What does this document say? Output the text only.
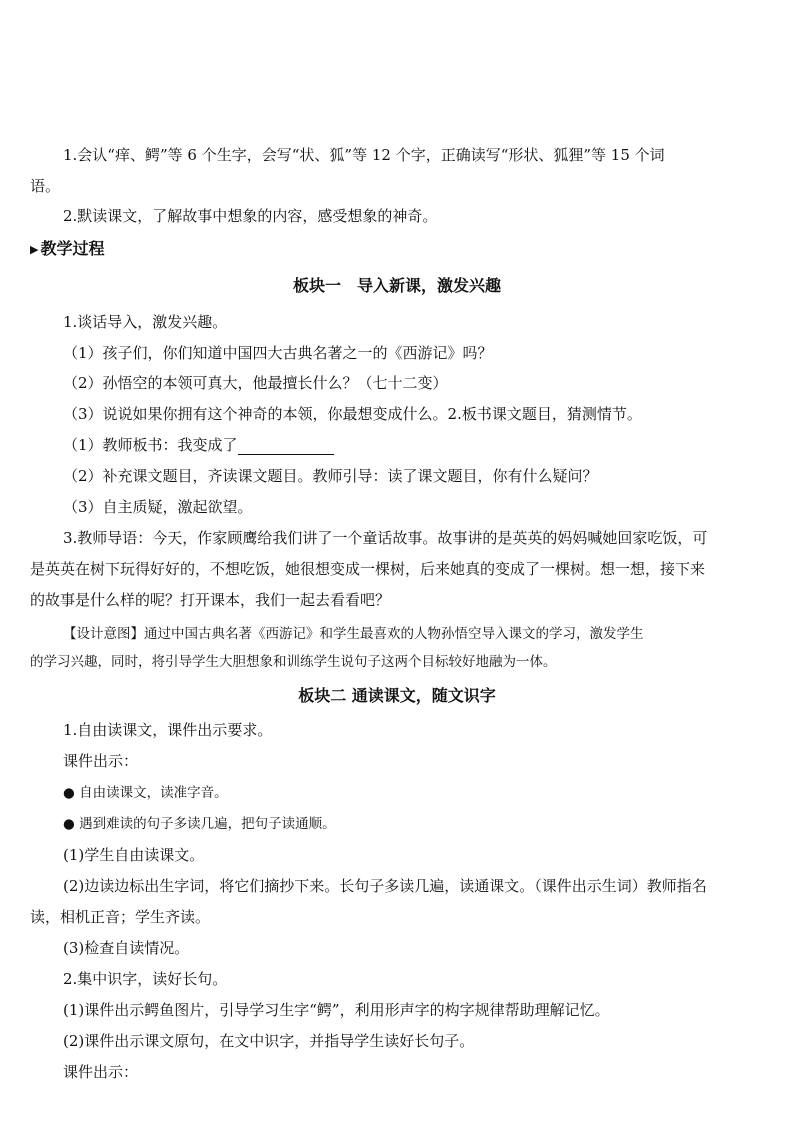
1.会认“痒、鳄”等 6 个生字，会写“状、狐”等 12 个字，正确读写“形状、狐狸”等 15 个词
语。
2.默读课文，了解故事中想象的内容，感受想象的神奇。
▶ 教学过程
板块一　导入新课，激发兴趣
1.谈话导入，激发兴趣。
（1）孩子们，你们知道中国四大古典名著之一的《西游记》吗？
（2）孙悟空的本领可真大，他最擅长什么？（七十二变）
（3）说说如果你拥有这个神奇的本领，你最想变成什么。2.板书课文题目，猜测情节。
（1）教师板书：我变成了
（2）补充课文题目，齐读课文题目。教师引导：读了课文题目，你有什么疑问？
（3）自主质疑，激起欲望。
3.教师导语：今天，作家顾鹰给我们讲了一个童话故事。故事讲的是英英的妈妈喊她回家吃饭，可
是英英在树下玩得好好的，不想吃饭，她很想变成一棵树，后来她真的变成了一棵树。想一想，接下来
的故事是什么样的呢？打开课本，我们一起去看看吧？
【设计意图】通过中国古典名著《西游记》和学生最喜欢的人物孙悟空导入课文的学习，激发学生
的学习兴趣，同时，将引导学生大胆想象和训练学生说句子这两个目标较好地融为一体。
板块二 通读课文，随文识字
1.自由读课文，课件出示要求。
课件出示：
● 自由读课文，读准字音。
● 遇到难读的句子多读几遍，把句子读通顺。
(1)学生自由读课文。
(2)边读边标出生字词，将它们摘抄下来。长句子多读几遍，读通课文。（课件出示生词）教师指名
读，相机正音；学生齐读。
(3)检查自读情况。
2.集中识字，读好长句。
(1)课件出示鳄鱼图片，引导学习生字“鳄”，利用形声字的构字规律帮助理解记忆。
(2)课件出示课文原句，在文中识字，并指导学生读好长句子。
课件出示：
